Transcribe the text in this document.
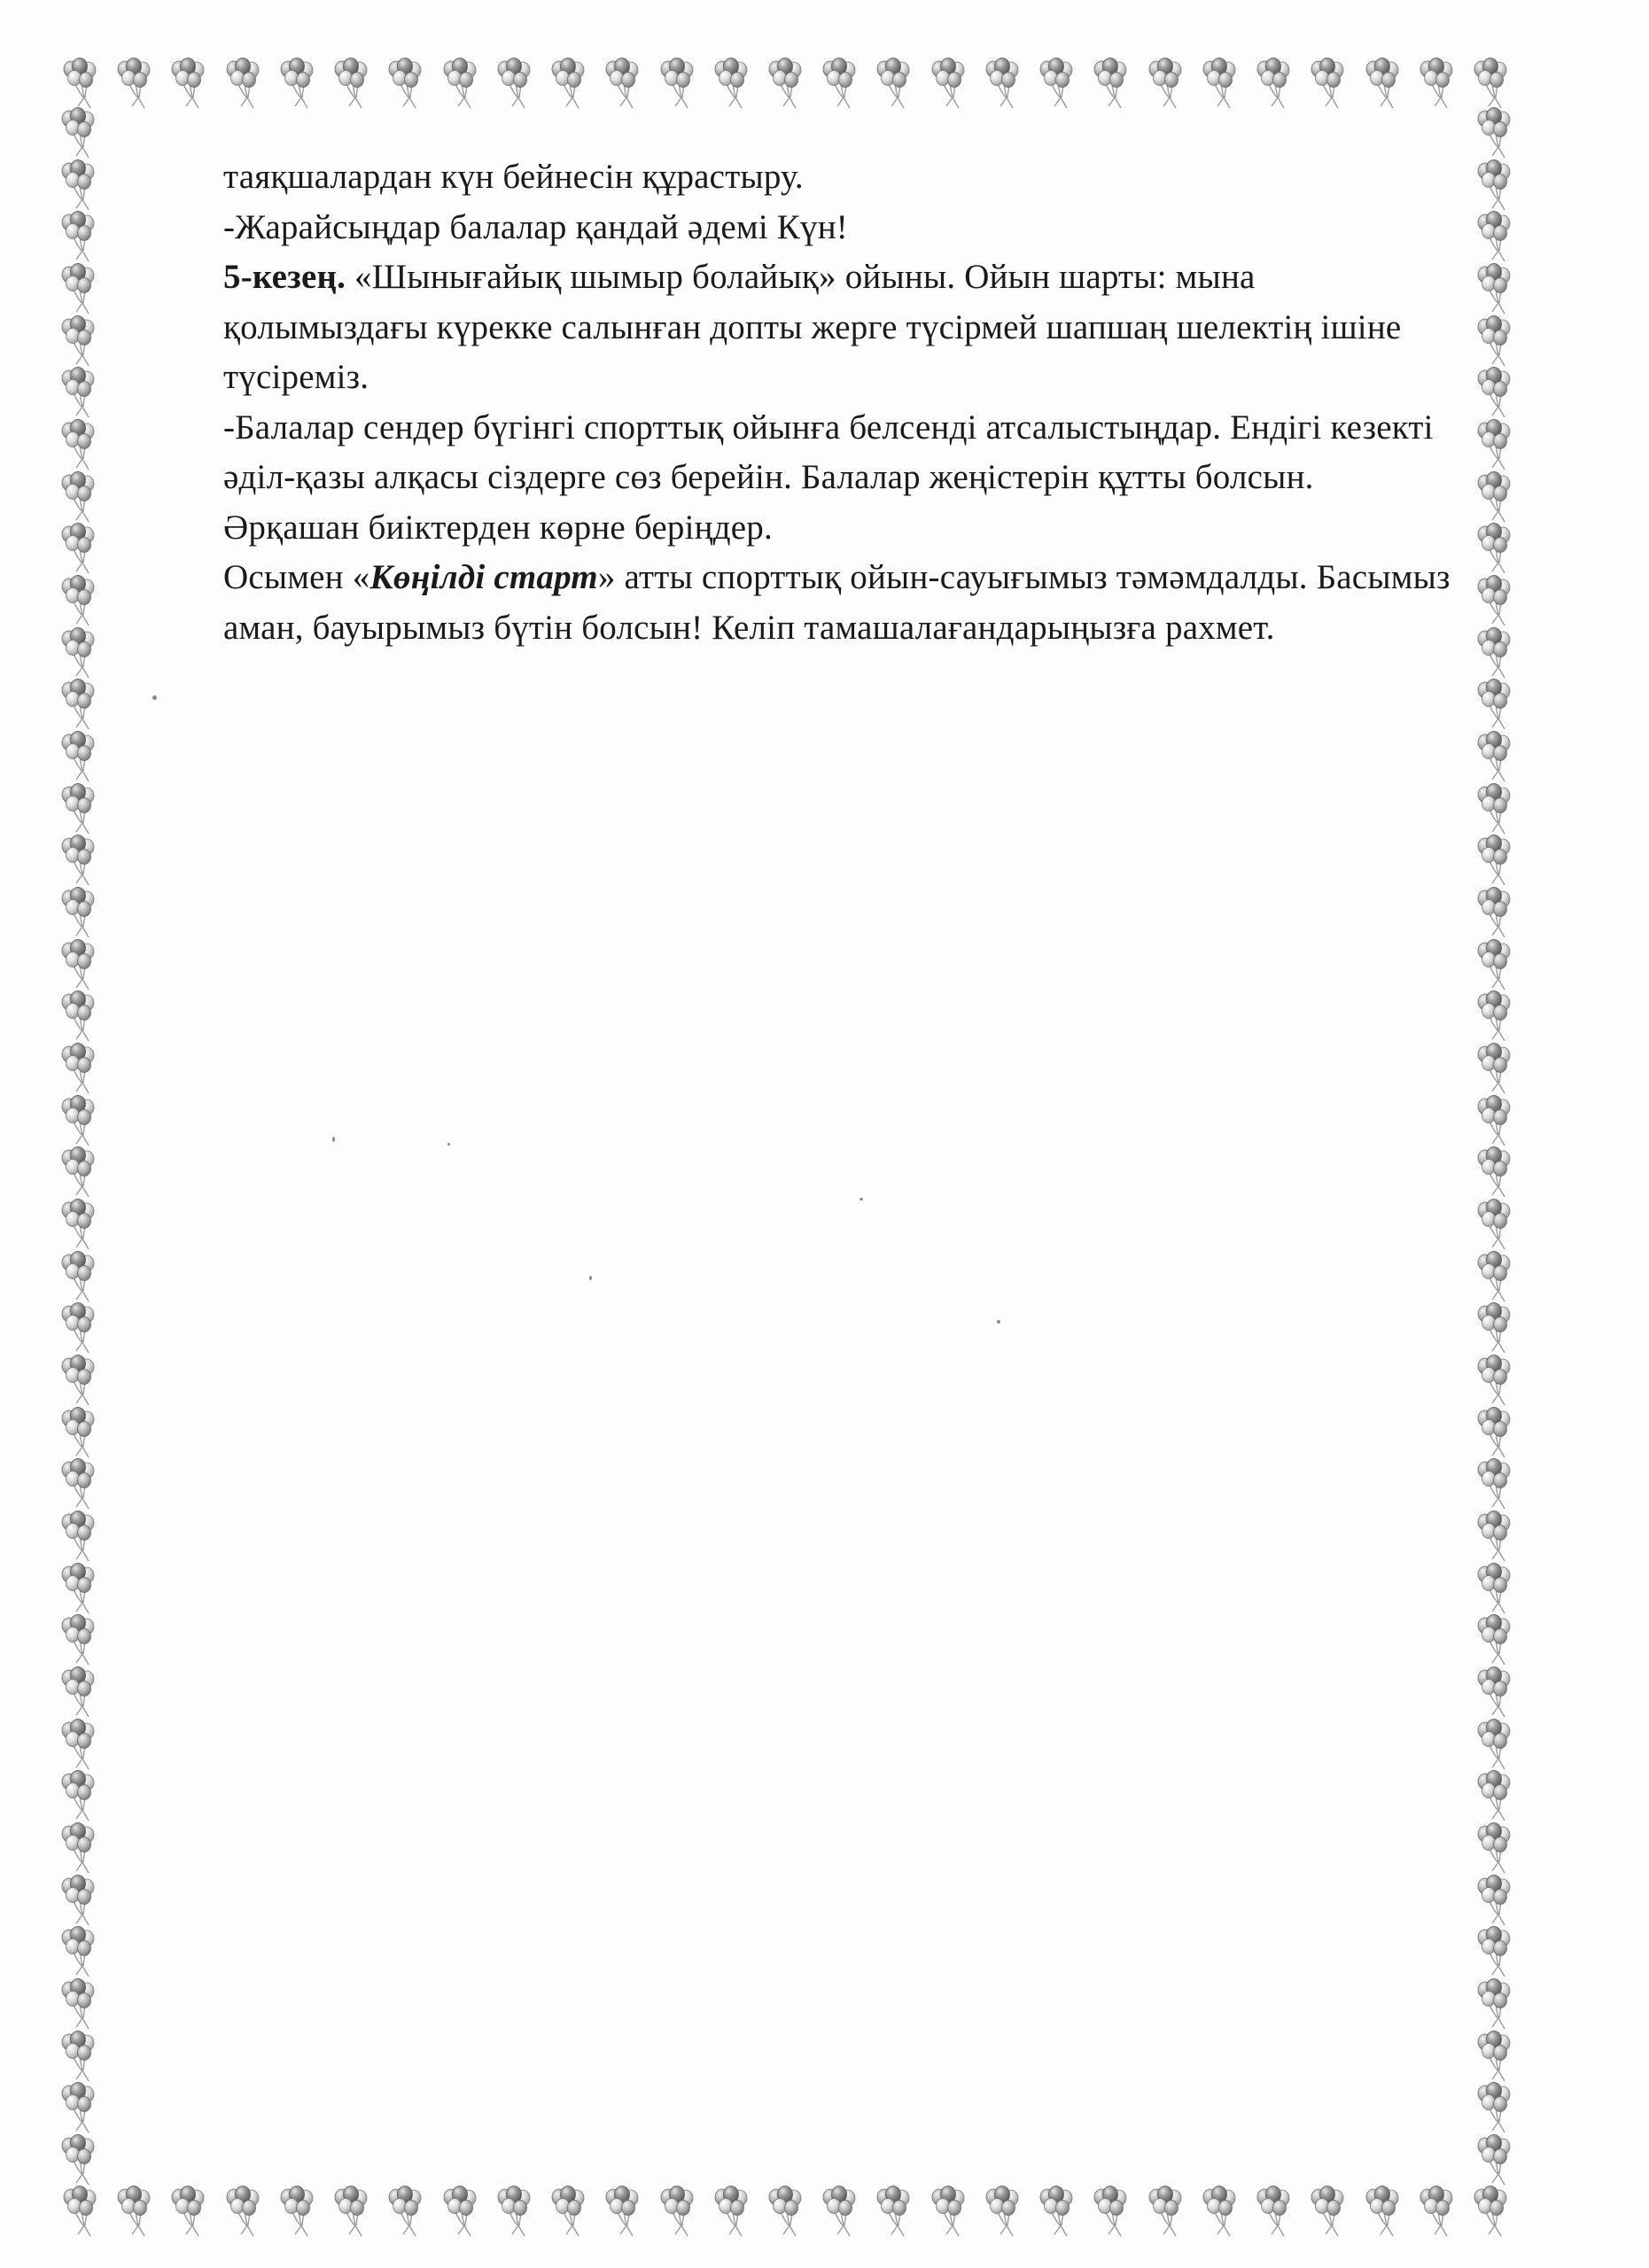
таяқшалардан күн бейнесін құрастыру.

-Жарайсыңдар балалар қандай әдемі Күн!

5-кезең. «Шынығайық шымыр болайық» ойыны. Ойын шарты: мына қолымыздағы күрекке салынған допты жерге түсірмей шапшаң шелектің ішіне түсіреміз.

-Балалар сендер бүгінгі спорттық ойынға белсенді атсалыстыңдар. Ендігі кезекті әділ-қазы алқасы сіздерге сөз берейін. Балалар жеңістерін құтты болсын. Әрқашан биіктерден көрне беріңдер.

Осымен «Көңілді старт» атты спорттық ойын-сауығымыз тәмәмдалды. Басымыз аман, бауырымыз бүтін болсын! Келіп тамашалағандарыңызға рахмет.
